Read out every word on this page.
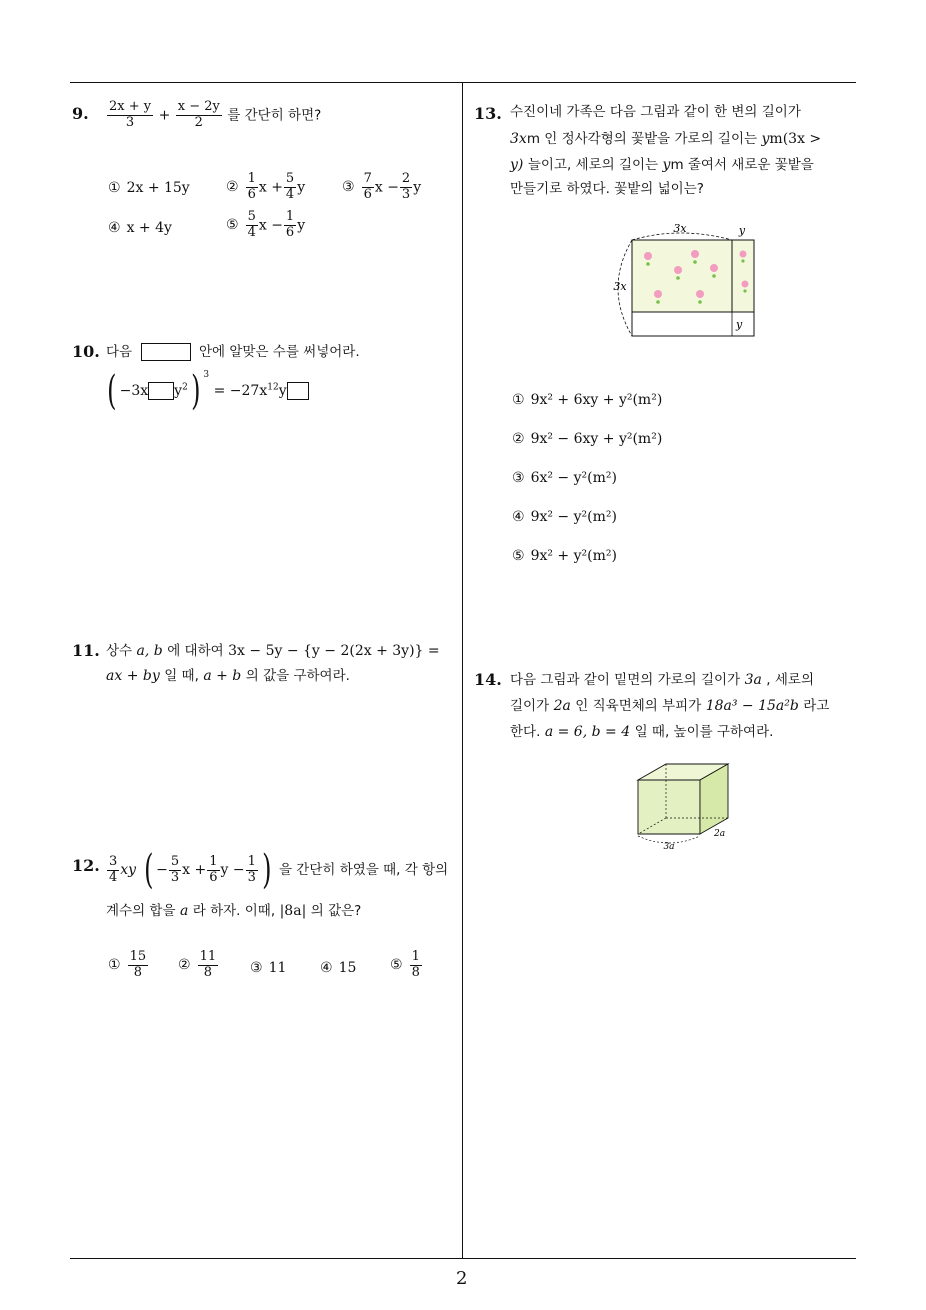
9. $\frac{2x + y}{3} + \frac{x - 2y}{2}$ 를 간단히 하면?
① 2x + 15y	② $\frac{1}{6}$ $x + \frac{5}{4}$ y	③ $\frac{7}{6}$ $x - \frac{2}{3}$ y
④ x + 4y	⑤ $\frac{5}{4}$ $x - \frac{1}{6}$ y
10. 다음	안에 알맞은 수를 써넣어라.
( −3x $y^2$) $^3 = -27x^{12}y$
11. 상수 a, b 에 대하여 3x − 5y − {y − 2(2x + 3y)} =
ax + by 일 때, a + b 의 값을 구하여라.
12. $\frac{3}{4}$ xy ( − $\frac{5}{3}$ $x + \frac{1}{6}$ $y - \frac{1}{3}$ ) 을 간단히 하였을 때, 각 항의
계수의 합을 a 라 하자. 이때, |8a| 의 값은?
① $\frac{15}{8}$ ② $\frac{11}{8}$ ③ 11 ④ 15 ⑤ $\frac{1}{8}$
13. 수진이네 가족은 다음 그림과 같이 한 변의 길이가
3xm 인 정사각형의 꽃밭을 가로의 길이는 ym(3x >
y) 늘이고, 세로의 길이는 ym 줄여서 새로운 꽃밭을
만들기로 하였다. 꽃밭의 넓이는?
3x	y
3x
y
① 9x² + 6xy + y²(m²)
② 9x² − 6xy + y²(m²)
③ 6x² − y²(m²)
④ 9x² − y²(m²)
⑤ 9x² + y²(m²)
14. 다음 그림과 같이 밑면의 가로의 길이가 3a , 세로의
길이가 2a 인 직육면체의 부피가 18a³ − 15a²b 라고
한다. a = 6, b = 4 일 때, 높이를 구하여라.
3a
2a
2
